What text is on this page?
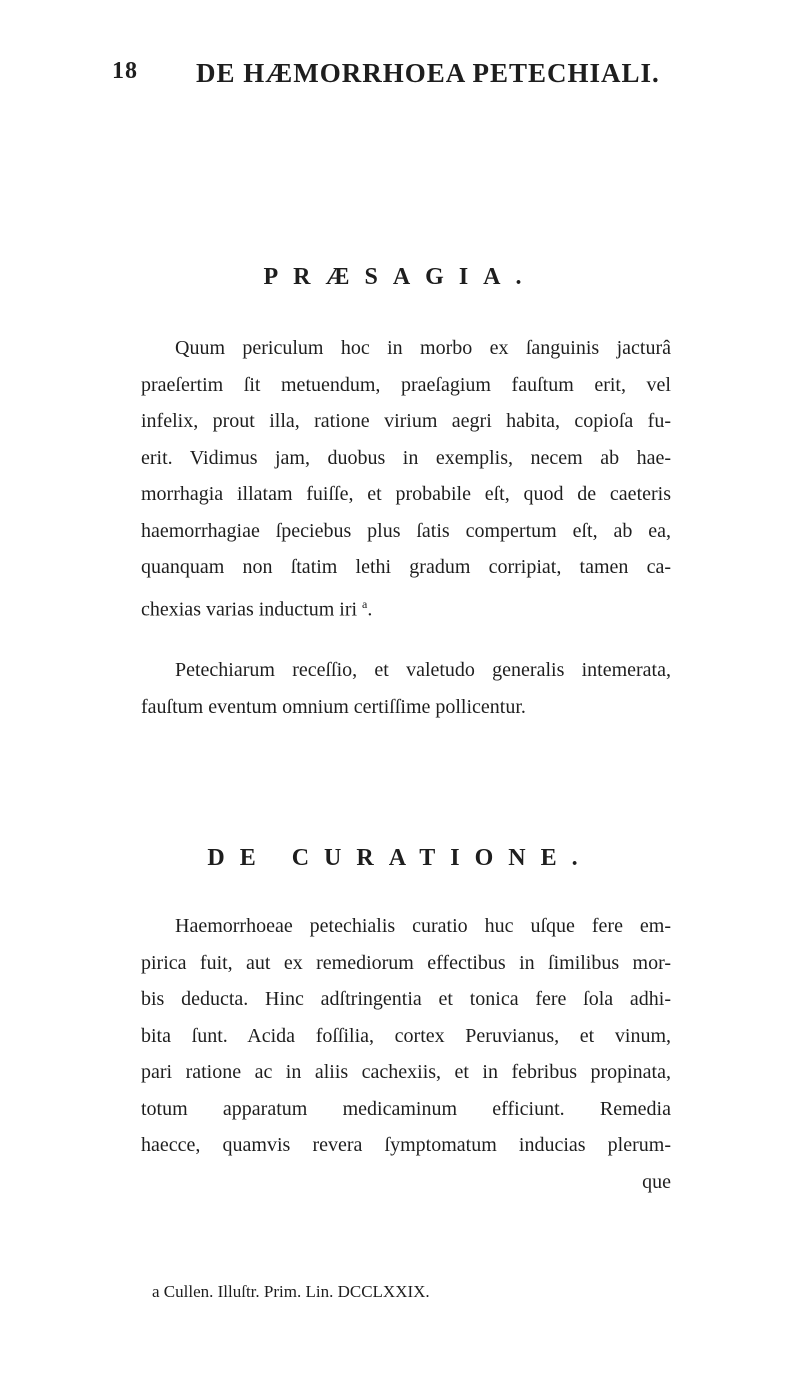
18 DE HÆMORRHOEA PETECHIALI.
PRÆSAGIA.
Quum periculum hoc in morbo ex ſanguinis jacturâ
praeſertim ſit metuendum, praeſagium fauſtum erit, vel
infelix, prout illa, ratione virium aegri habita, copioſa fu-
erit. Vidimus jam, duobus in exemplis, necem ab hae-
morrhagia illatam fuiſſe, et probabile eſt, quod de caeteris
haemorrhagiae ſpeciebus plus ſatis compertum eſt, ab ea,
quanquam non ſtatim lethi gradum corripiat, tamen ca-
chexias varias inductum iri $^a$.
Petechiarum receſſio, et valetudo generalis intemerata,
fauſtum eventum omnium certiſſime pollicentur.
DE CURATIONE.
Haemorrhoeae petechialis curatio huc uſque fere em-
pirica fuit, aut ex remediorum effectibus in ſimilibus mor-
bis deducta. Hinc adſtringentia et tonica fere ſola adhi-
bita ſunt. Acida foſſilia, cortex Peruvianus, et vinum,
pari ratione ac in aliis cachexiis, et in febribus propinata,
totum apparatum medicaminum efficiunt. Remedia
haecce, quamvis revera ſymptomatum inducias plerum-
que
a Cullen. Illuſtr. Prim. Lin. DCCLXXIX.
